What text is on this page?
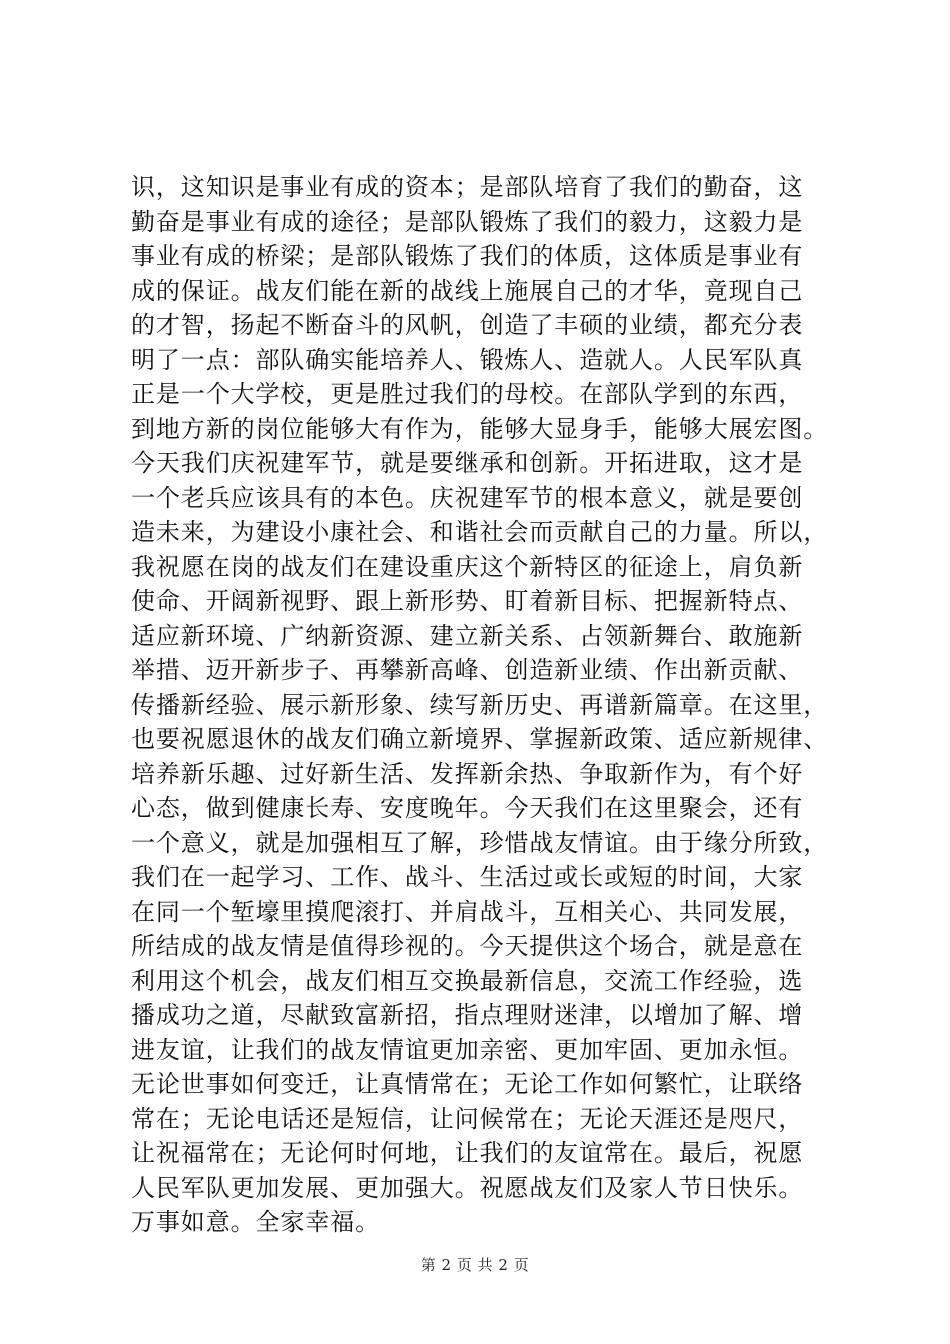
识，这知识是事业有成的资本；是部队培育了我们的勤奋，这
勤奋是事业有成的途径；是部队锻炼了我们的毅力，这毅力是
事业有成的桥梁；是部队锻炼了我们的体质，这体质是事业有
成的保证。战友们能在新的战线上施展自己的才华，竟现自己
的才智，扬起不断奋斗的风帆，创造了丰硕的业绩，都充分表
明了一点：部队确实能培养人、锻炼人、造就人。人民军队真
正是一个大学校，更是胜过我们的母校。在部队学到的东西，
到地方新的岗位能够大有作为，能够大显身手，能够大展宏图。
今天我们庆祝建军节，就是要继承和创新。开拓进取，这才是
一个老兵应该具有的本色。庆祝建军节的根本意义，就是要创
造未来，为建设小康社会、和谐社会而贡献自己的力量。所以，
我祝愿在岗的战友们在建设重庆这个新特区的征途上，肩负新
使命、开阔新视野、跟上新形势、盯着新目标、把握新特点、
适应新环境、广纳新资源、建立新关系、占领新舞台、敢施新
举措、迈开新步子、再攀新高峰、创造新业绩、作出新贡献、
传播新经验、展示新形象、续写新历史、再谱新篇章。在这里，
也要祝愿退休的战友们确立新境界、掌握新政策、适应新规律、
培养新乐趣、过好新生活、发挥新余热、争取新作为，有个好
心态，做到健康长寿、安度晚年。今天我们在这里聚会，还有
一个意义，就是加强相互了解，珍惜战友情谊。由于缘分所致，
我们在一起学习、工作、战斗、生活过或长或短的时间，大家
在同一个堑壕里摸爬滚打、并肩战斗，互相关心、共同发展，
所结成的战友情是值得珍视的。今天提供这个场合，就是意在
利用这个机会，战友们相互交换最新信息，交流工作经验，选
播成功之道，尽献致富新招，指点理财迷津，以增加了解、增
进友谊，让我们的战友情谊更加亲密、更加牢固、更加永恒。
无论世事如何变迁，让真情常在；无论工作如何繁忙，让联络
常在；无论电话还是短信，让问候常在；无论天涯还是咫尺，
让祝福常在；无论何时何地，让我们的友谊常在。最后，祝愿
人民军队更加发展、更加强大。祝愿战友们及家人节日快乐。
万事如意。全家幸福。
第 2 页 共 2 页
